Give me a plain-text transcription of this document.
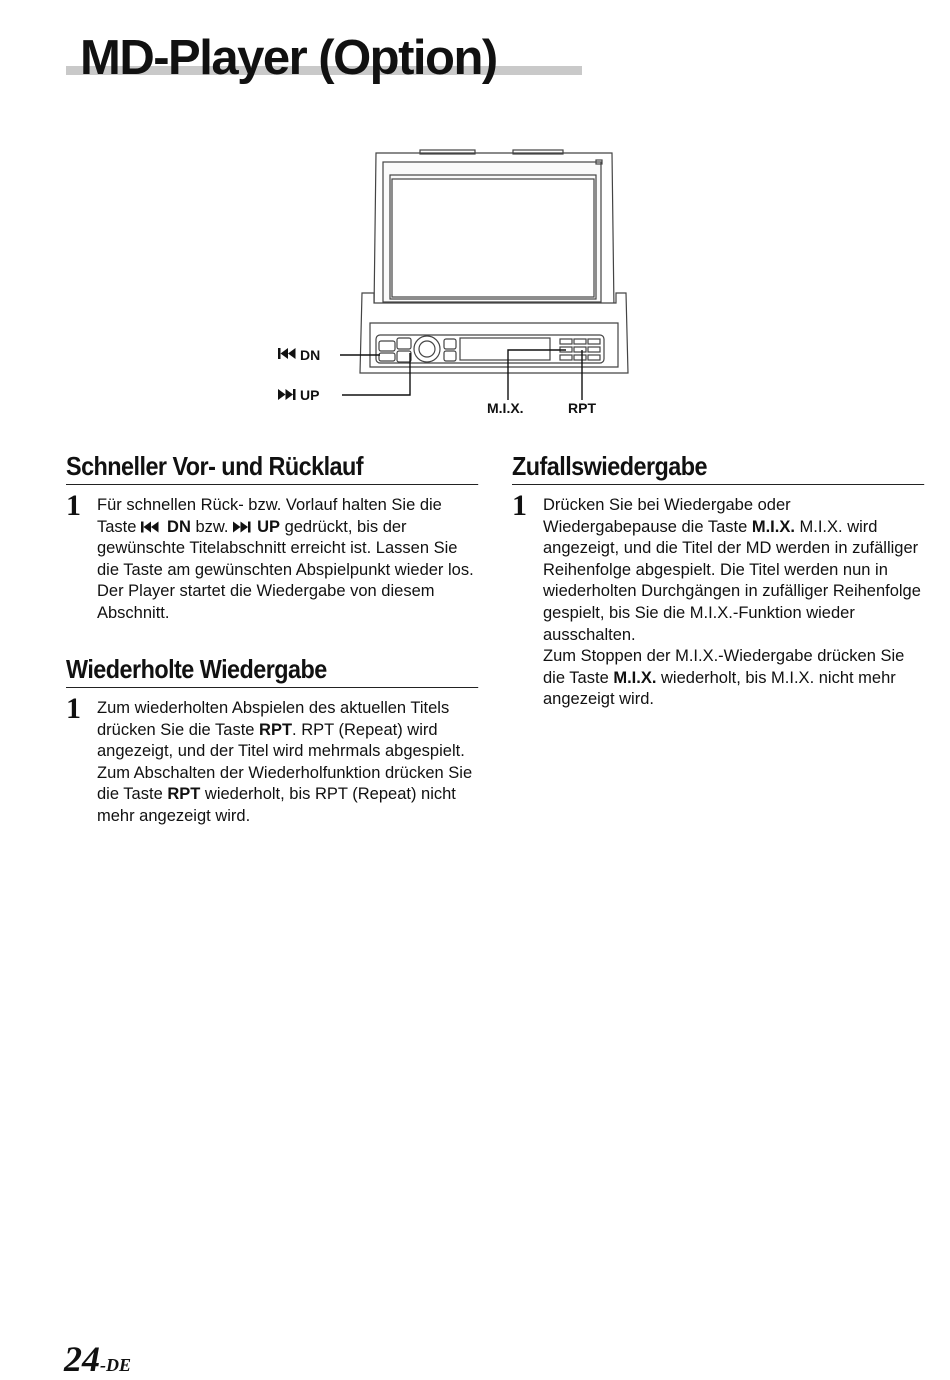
MD-Player (Option)
DN
UP
M.I.X.	RPT
Schneller Vor- und Rücklauf
1 Für schnellen Rück- bzw. Vorlauf halten Sie die Taste DN bzw. UP gedrückt, bis der gewünschte Titelabschnitt erreicht ist. Lassen Sie die Taste am gewünschten Abspielpunkt wieder los. Der Player startet die Wiedergabe von diesem Abschnitt.

Wiederholte Wiedergabe
1 Zum wiederholten Abspielen des aktuellen Titels drücken Sie die Taste RPT. RPT (Repeat) wird angezeigt, und der Titel wird mehrmals abgespielt.

Zum Abschalten der Wiederholfunktion drücken Sie die Taste RPT wiederholt, bis RPT (Repeat) nicht mehr angezeigt wird.

Zufallswiedergabe
1 Drücken Sie bei Wiedergabe oder Wiedergabepause die Taste M.I.X. M.I.X. wird angezeigt, und die Titel der MD werden in zufälliger Reihenfolge abgespielt. Die Titel werden nun in wiederholten Durchgängen in zufälliger Reihenfolge gespielt, bis Sie die M.I.X.-Funktion wieder ausschalten.

Zum Stoppen der M.I.X.-Wiedergabe drücken Sie die Taste M.I.X. wiederholt, bis M.I.X. nicht mehr angezeigt wird.

24-DE
